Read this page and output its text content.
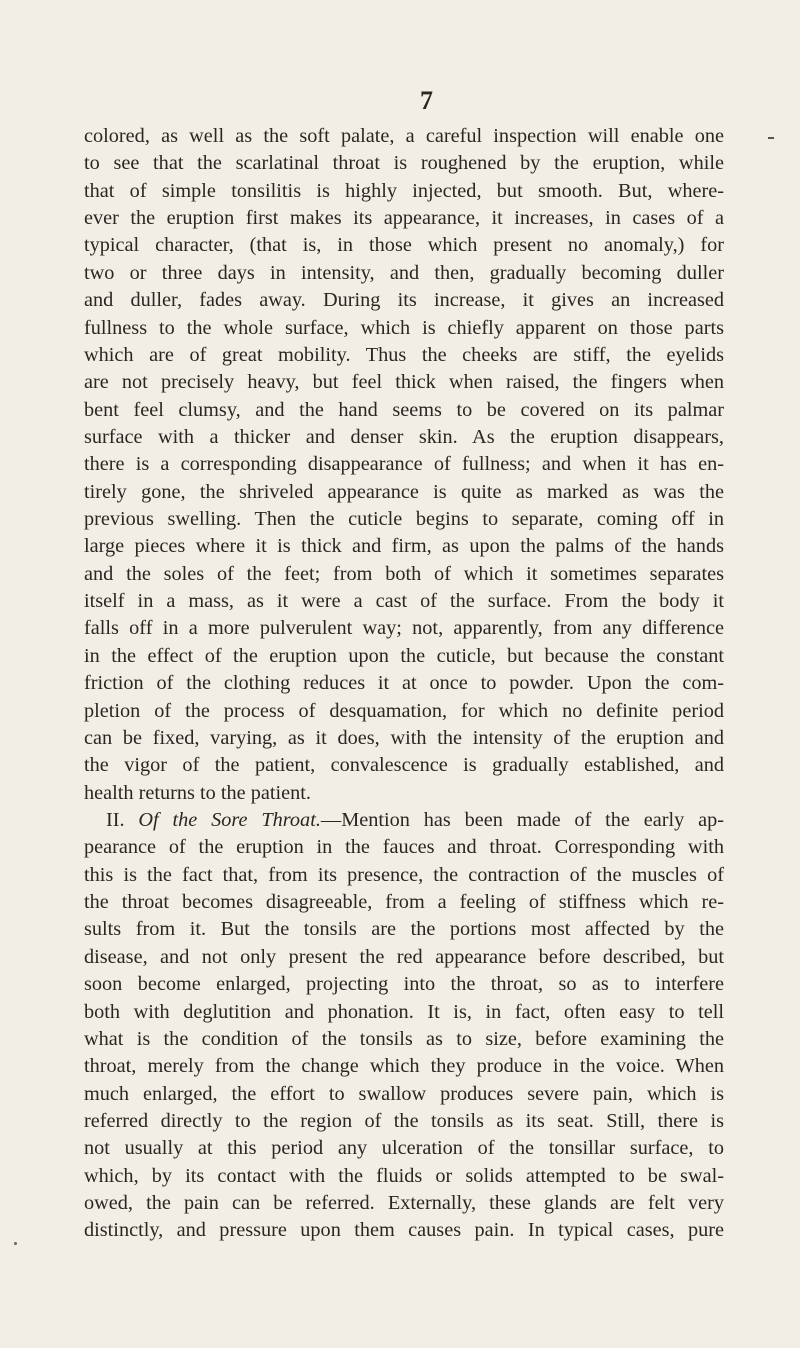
7
colored, as well as the soft palate, a careful inspection will enable one
to see that the scarlatinal throat is roughened by the eruption, while
that of simple tonsilitis is highly injected, but smooth. But, where-
ever the eruption first makes its appearance, it increases, in cases of a
typical character, (that is, in those which present no anomaly,) for
two or three days in intensity, and then, gradually becoming duller
and duller, fades away. During its increase, it gives an increased
fullness to the whole surface, which is chiefly apparent on those parts
which are of great mobility. Thus the cheeks are stiff, the eyelids
are not precisely heavy, but feel thick when raised, the fingers when
bent feel clumsy, and the hand seems to be covered on its palmar
surface with a thicker and denser skin. As the eruption disappears,
there is a corresponding disappearance of fullness; and when it has en-
tirely gone, the shriveled appearance is quite as marked as was the
previous swelling. Then the cuticle begins to separate, coming off in
large pieces where it is thick and firm, as upon the palms of the hands
and the soles of the feet; from both of which it sometimes separates
itself in a mass, as it were a cast of the surface. From the body it
falls off in a more pulverulent way; not, apparently, from any difference
in the effect of the eruption upon the cuticle, but because the constant
friction of the clothing reduces it at once to powder. Upon the com-
pletion of the process of desquamation, for which no definite period
can be fixed, varying, as it does, with the intensity of the eruption and
the vigor of the patient, convalescence is gradually established, and
health returns to the patient.
II. Of the Sore Throat.—Mention has been made of the early ap-
pearance of the eruption in the fauces and throat. Corresponding with
this is the fact that, from its presence, the contraction of the muscles of
the throat becomes disagreeable, from a feeling of stiffness which re-
sults from it. But the tonsils are the portions most affected by the
disease, and not only present the red appearance before described, but
soon become enlarged, projecting into the throat, so as to interfere
both with deglutition and phonation. It is, in fact, often easy to tell
what is the condition of the tonsils as to size, before examining the
throat, merely from the change which they produce in the voice. When
much enlarged, the effort to swallow produces severe pain, which is
referred directly to the region of the tonsils as its seat. Still, there is
not usually at this period any ulceration of the tonsillar surface, to
which, by its contact with the fluids or solids attempted to be swal-
owed, the pain can be referred. Externally, these glands are felt very
distinctly, and pressure upon them causes pain. In typical cases, pure
